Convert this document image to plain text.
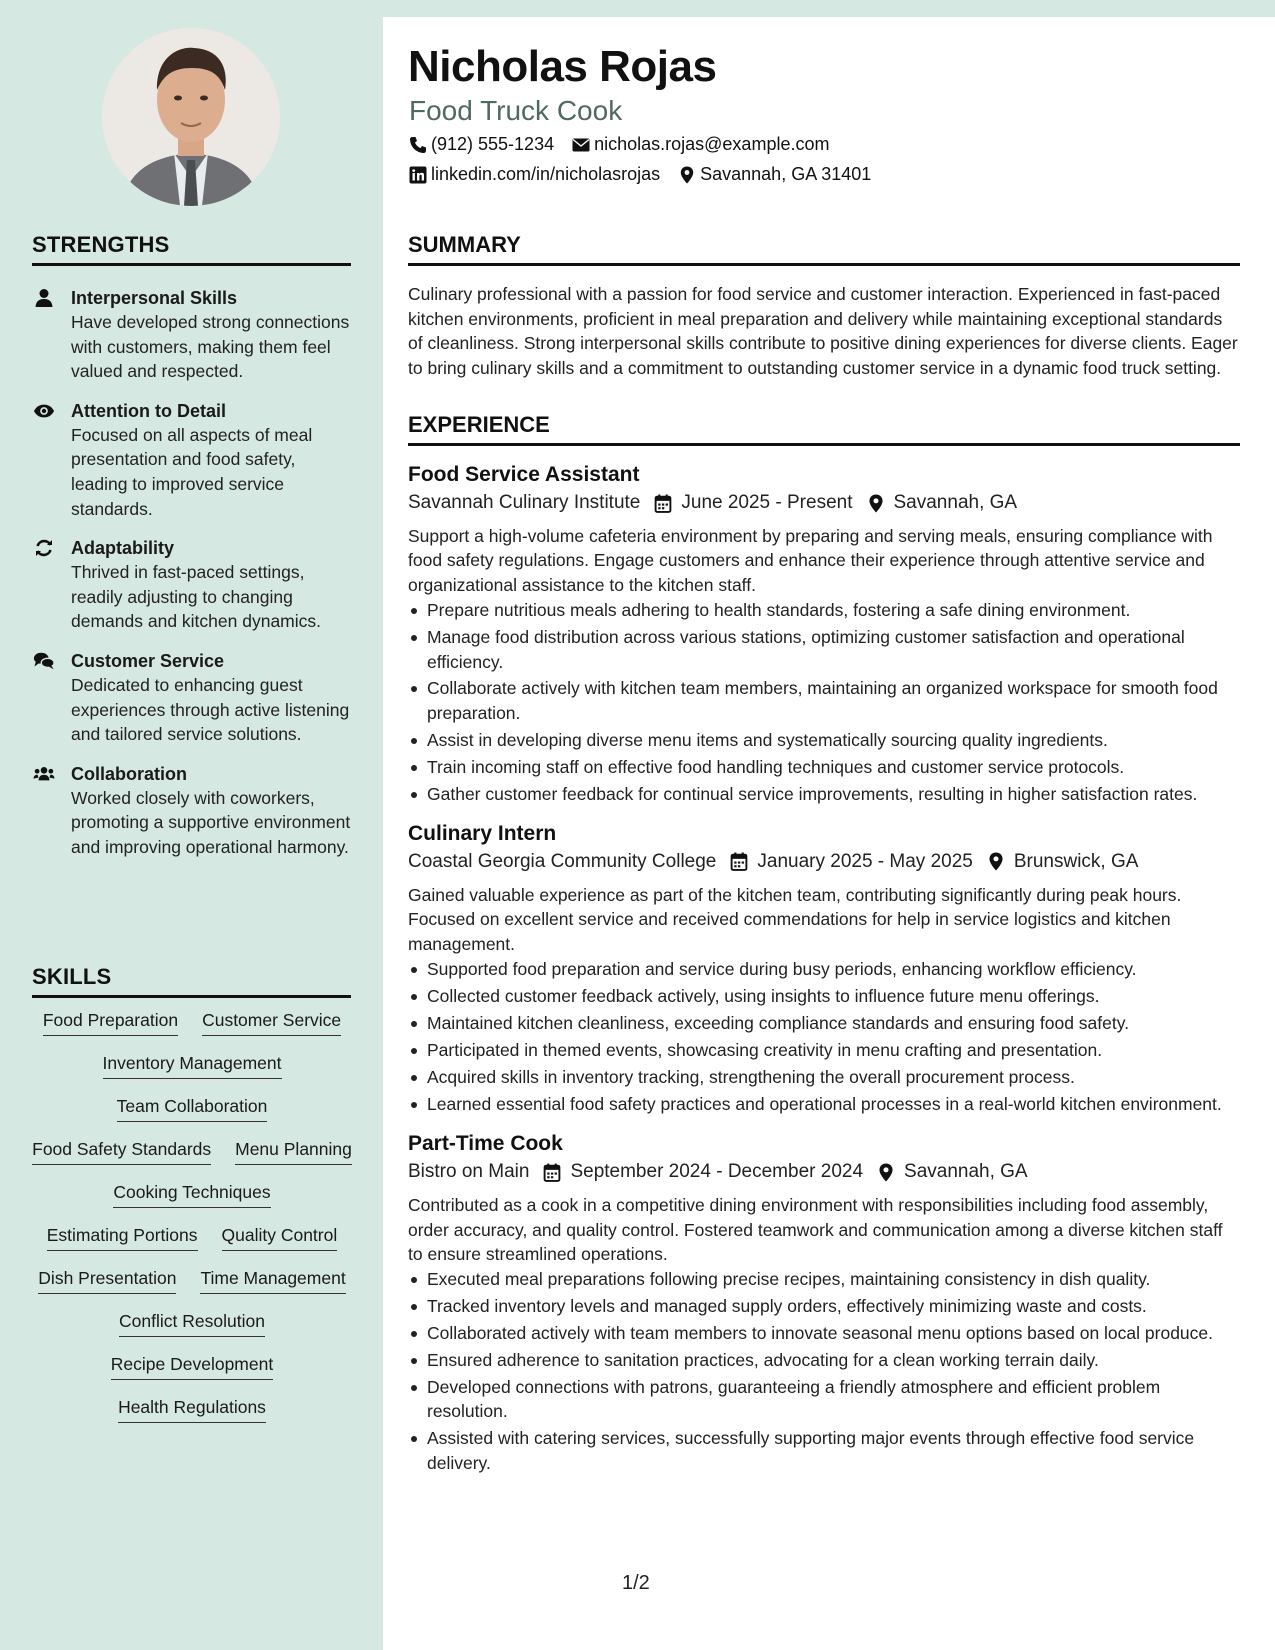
STRENGTHS
Interpersonal Skills
Have developed strong connections with customers, making them feel valued and respected.
Attention to Detail
Focused on all aspects of meal presentation and food safety, leading to improved service standards.
Adaptability
Thrived in fast-paced settings, readily adjusting to changing demands and kitchen dynamics.
Customer Service
Dedicated to enhancing guest experiences through active listening and tailored service solutions.
Collaboration
Worked closely with coworkers, promoting a supportive environment and improving operational harmony.
SKILLS
Food Preparation Customer Service
Inventory Management
Team Collaboration
Food Safety Standards Menu Planning
Cooking Techniques
Estimating Portions Quality Control
Dish Presentation Time Management
Conflict Resolution
Recipe Development
Health Regulations
Nicholas Rojas
Food Truck Cook
(912) 555-1234 nicholas.rojas@example.com
linkedin.com/in/nicholasrojas Savannah, GA 31401
SUMMARY
Culinary professional with a passion for food service and customer interaction. Experienced in fast-paced kitchen environments, proficient in meal preparation and delivery while maintaining exceptional standards of cleanliness. Strong interpersonal skills contribute to positive dining experiences for diverse clients. Eager to bring culinary skills and a commitment to outstanding customer service in a dynamic food truck setting.
EXPERIENCE
Food Service Assistant
Savannah Culinary Institute June 2025 - Present Savannah, GA
Support a high-volume cafeteria environment by preparing and serving meals, ensuring compliance with food safety regulations. Engage customers and enhance their experience through attentive service and organizational assistance to the kitchen staff.
Prepare nutritious meals adhering to health standards, fostering a safe dining environment.
Manage food distribution across various stations, optimizing customer satisfaction and operational efficiency.
Collaborate actively with kitchen team members, maintaining an organized workspace for smooth food preparation.
Assist in developing diverse menu items and systematically sourcing quality ingredients.
Train incoming staff on effective food handling techniques and customer service protocols.
Gather customer feedback for continual service improvements, resulting in higher satisfaction rates.
Culinary Intern
Coastal Georgia Community College January 2025 - May 2025 Brunswick, GA
Gained valuable experience as part of the kitchen team, contributing significantly during peak hours. Focused on excellent service and received commendations for help in service logistics and kitchen management.
Supported food preparation and service during busy periods, enhancing workflow efficiency.
Collected customer feedback actively, using insights to influence future menu offerings.
Maintained kitchen cleanliness, exceeding compliance standards and ensuring food safety.
Participated in themed events, showcasing creativity in menu crafting and presentation.
Acquired skills in inventory tracking, strengthening the overall procurement process.
Learned essential food safety practices and operational processes in a real-world kitchen environment.
Part-Time Cook
Bistro on Main September 2024 - December 2024 Savannah, GA
Contributed as a cook in a competitive dining environment with responsibilities including food assembly, order accuracy, and quality control. Fostered teamwork and communication among a diverse kitchen staff to ensure streamlined operations.
Executed meal preparations following precise recipes, maintaining consistency in dish quality.
Tracked inventory levels and managed supply orders, effectively minimizing waste and costs.
Collaborated actively with team members to innovate seasonal menu options based on local produce.
Ensured adherence to sanitation practices, advocating for a clean working terrain daily.
Developed connections with patrons, guaranteeing a friendly atmosphere and efficient problem resolution.
Assisted with catering services, successfully supporting major events through effective food service delivery.
1/2
